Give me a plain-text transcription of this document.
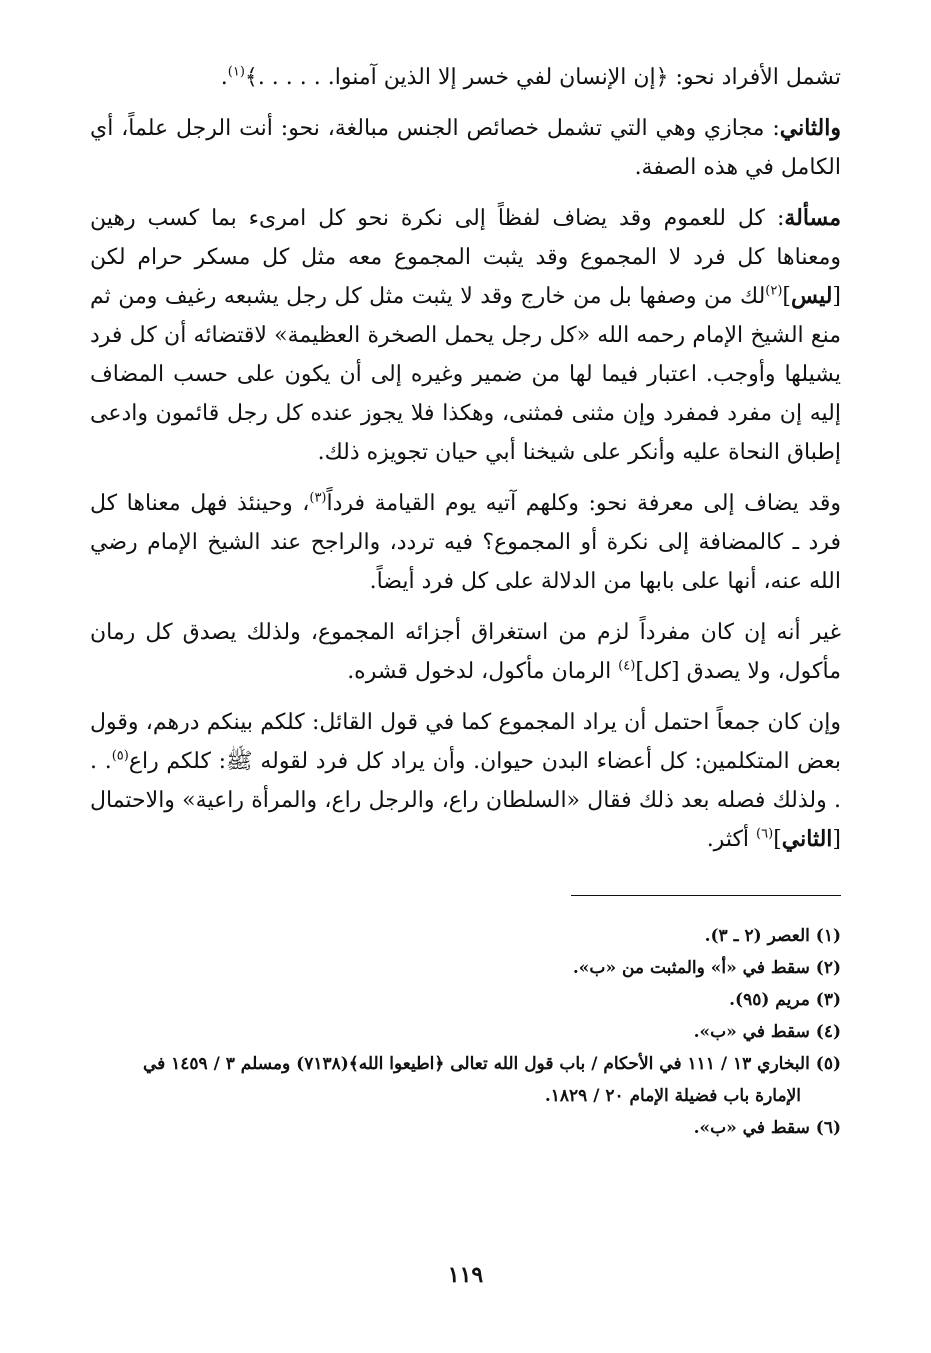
تشمل الأفراد نحو: ﴿إن الإنسان لفي خسر إلا الذين آمنوا. . . . . .﴾$^{(١)}$.

والثاني: مجازي وهي التي تشمل خصائص الجنس مبالغة، نحو: أنت الرجل علماً، أي الكامل في هذه الصفة.

مسألة: كل للعموم وقد يضاف لفظاً إلى نكرة نحو كل امرىء بما كسب رهين ومعناها كل فرد لا المجموع وقد يثبت المجموع معه مثل كل مسكر حرام لكن [ليس]$^{(٢)}$لك من وصفها بل من خارج وقد لا يثبت مثل كل رجل يشبعه رغيف ومن ثم منع الشيخ الإمام رحمه الله «كل رجل يحمل الصخرة العظيمة» لاقتضائه أن كل فرد يشيلها وأوجب. اعتبار فيما لها من ضمير وغيره إلى أن يكون على حسب المضاف إليه إن مفرد فمفرد وإن مثنى فمثنى، وهكذا فلا يجوز عنده كل رجل قائمون وادعى إطباق النحاة عليه وأنكر على شيخنا أبي حيان تجويزه ذلك.

وقد يضاف إلى معرفة نحو: وكلهم آتيه يوم القيامة فرداً$^{(٣)}$، وحينئذ فهل معناها كل فرد ـ كالمضافة إلى نكرة أو المجموع؟ فيه تردد، والراجح عند الشيخ الإمام رضي الله عنه، أنها على بابها من الدلالة على كل فرد أيضاً.

غير أنه إن كان مفرداً لزم من استغراق أجزائه المجموع، ولذلك يصدق كل رمان مأكول، ولا يصدق [كل]$^{(٤)}$ الرمان مأكول، لدخول قشره.

وإن كان جمعاً احتمل أن يراد المجموع كما في قول القائل: كلكم بينكم درهم، وقول بعض المتكلمين: كل أعضاء البدن حيوان. وأن يراد كل فرد لقوله ﷺ: كلكم راع$^{(٥)}$. . . ولذلك فصله بعد ذلك فقال «السلطان راع، والرجل راع، والمرأة راعية» والاحتمال [الثاني]$^{(٦)}$ أكثر.

(١) العصر (٢ ـ ٣).

(٢) سقط في «أ» والمثبت من «ب».

(٣) مريم (٩٥).

(٤) سقط في «ب».

(٥) البخاري ١٣ / ١١١ في الأحكام / باب قول الله تعالى ﴿اطيعوا الله﴾(٧١٣٨) ومسلم ٣ / ١٤٥٩ في

الإمارة باب فضيلة الإمام ٢٠ / ١٨٢٩.

(٦) سقط في «ب».

١١٩
